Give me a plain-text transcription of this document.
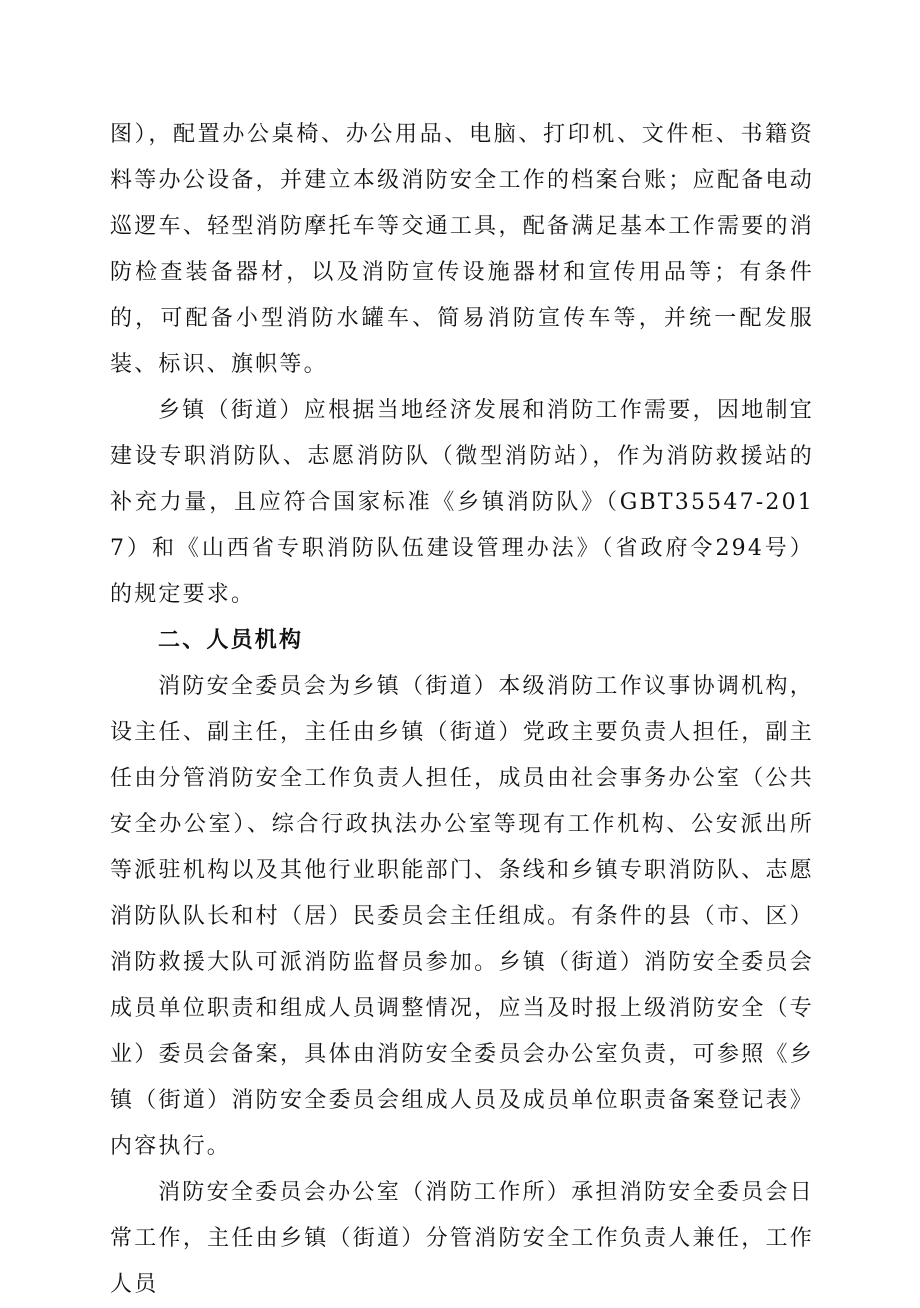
图），配置办公桌椅、办公用品、电脑、打印机、文件柜、书籍资料等办公设备，并建立本级消防安全工作的档案台账；应配备电动巡逻车、轻型消防摩托车等交通工具，配备满足基本工作需要的消防检查装备器材，以及消防宣传设施器材和宣传用品等；有条件的，可配备小型消防水罐车、简易消防宣传车等，并统一配发服装、标识、旗帜等。

乡镇（街道）应根据当地经济发展和消防工作需要，因地制宜建设专职消防队、志愿消防队（微型消防站），作为消防救援站的补充力量，且应符合国家标准《乡镇消防队》（GBT35547-2017）和《山西省专职消防队伍建设管理办法》（省政府令294号）的规定要求。

二、人员机构

消防安全委员会为乡镇（街道）本级消防工作议事协调机构，设主任、副主任，主任由乡镇（街道）党政主要负责人担任，副主任由分管消防安全工作负责人担任，成员由社会事务办公室（公共安全办公室）、综合行政执法办公室等现有工作机构、公安派出所等派驻机构以及其他行业职能部门、条线和乡镇专职消防队、志愿消防队队长和村（居）民委员会主任组成。有条件的县（市、区）消防救援大队可派消防监督员参加。乡镇（街道）消防安全委员会成员单位职责和组成人员调整情况，应当及时报上级消防安全（专业）委员会备案，具体由消防安全委员会办公室负责，可参照《乡镇（街道）消防安全委员会组成人员及成员单位职责备案登记表》内容执行。

消防安全委员会办公室（消防工作所）承担消防安全委员会日常工作，主任由乡镇（街道）分管消防安全工作负责人兼任，工作人员
